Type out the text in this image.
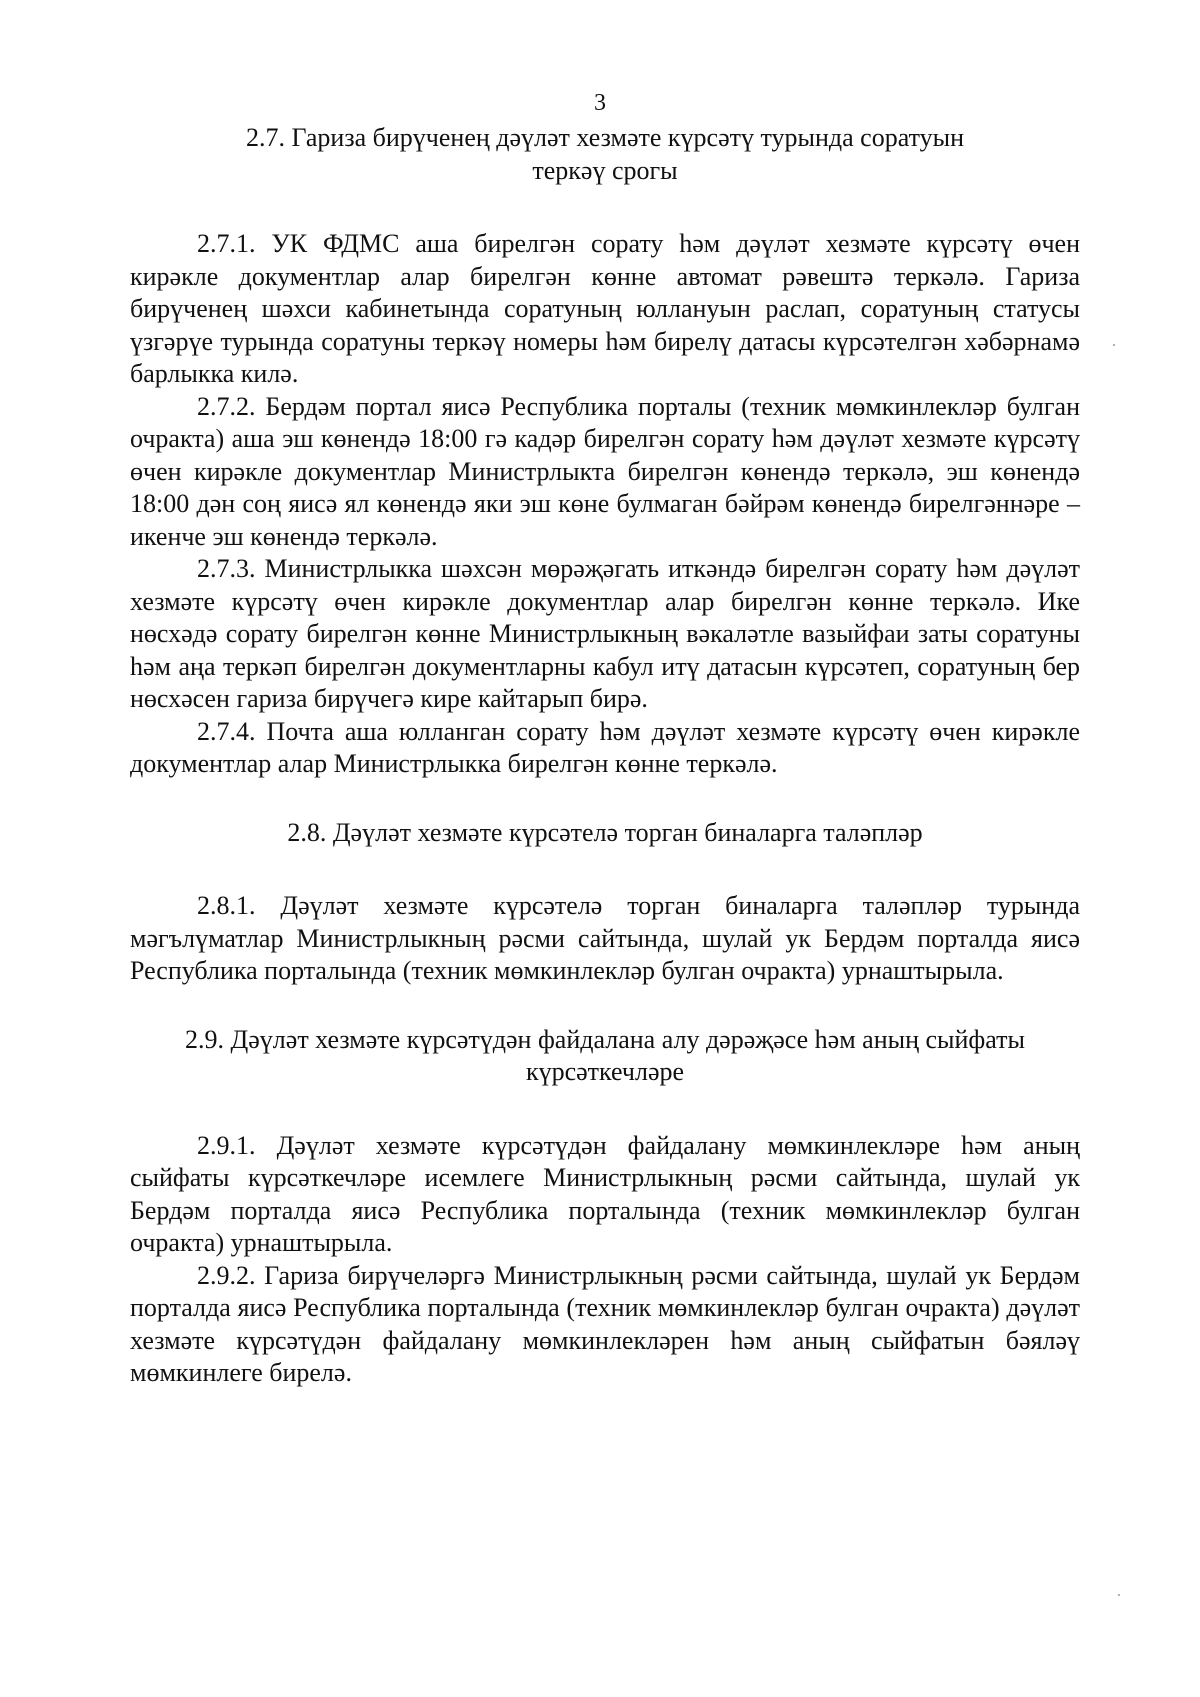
3
2.7. Гариза бирүченең дәүләт хезмәте күрсәтү турында соратуын
теркәү срогы

2.7.1. УК ФДМС аша бирелгән сорату һәм дәүләт хезмәте күрсәтү өчен кирәкле документлар алар бирелгән көнне автомат рәвештә теркәлә. Гариза бирүченең шәхси кабинетында соратуның юллануын раслап, соратуның статусы үзгәрүе турында соратуны теркәү номеры һәм бирелү датасы күрсәтелгән хәбәрнамә барлыкка килә.

2.7.2. Бердәм портал яисә Республика порталы (техник мөмкинлекләр булган очракта) аша эш көнендә 18:00 гә кадәр бирелгән сорату һәм дәүләт хезмәте күрсәтү өчен кирәкле документлар Министрлыкта бирелгән көнендә теркәлә, эш көнендә 18:00 дән соң яисә ял көнендә яки эш көне булмаган бәйрәм көнендә бирелгәннәре – икенче эш көнендә теркәлә.

2.7.3. Министрлыкка шәхсән мөрәҗәгать иткәндә бирелгән сорату һәм дәүләт хезмәте күрсәтү өчен кирәкле документлар алар бирелгән көнне теркәлә. Ике нөсхәдә сорату бирелгән көнне Министрлыкның вәкаләтле вазыйфаи заты соратуны һәм аңа теркәп бирелгән документларны кабул итү датасын күрсәтеп, соратуның бер нөсхәсен гариза бирүчегә кире кайтарып бирә.

2.7.4. Почта аша юлланган сорату һәм дәүләт хезмәте күрсәтү өчен кирәкле документлар алар Министрлыкка бирелгән көнне теркәлә.

2.8. Дәүләт хезмәте күрсәтелә торган биналарга таләпләр

2.8.1. Дәүләт хезмәте күрсәтелә торган биналарга таләпләр турында мәгълүматлар Министрлыкның рәсми сайтында, шулай ук Бердәм порталда яисә Республика порталында (техник мөмкинлекләр булган очракта) урнаштырыла.

2.9. Дәүләт хезмәте күрсәтүдән файдалана алу дәрәҗәсе һәм аның сыйфаты
күрсәткечләре

2.9.1. Дәүләт хезмәте күрсәтүдән файдалану мөмкинлекләре һәм аның сыйфаты күрсәткечләре исемлеге Министрлыкның рәсми сайтында, шулай ук Бердәм порталда яисә Республика порталында (техник мөмкинлекләр булган очракта) урнаштырыла.

2.9.2. Гариза бирүчеләргә Министрлыкның рәсми сайтында, шулай ук Бердәм порталда яисә Республика порталында (техник мөмкинлекләр булган очракта) дәүләт хезмәте күрсәтүдән файдалану мөмкинлекләрен һәм аның сыйфатын бәяләү мөмкинлеге бирелә.
